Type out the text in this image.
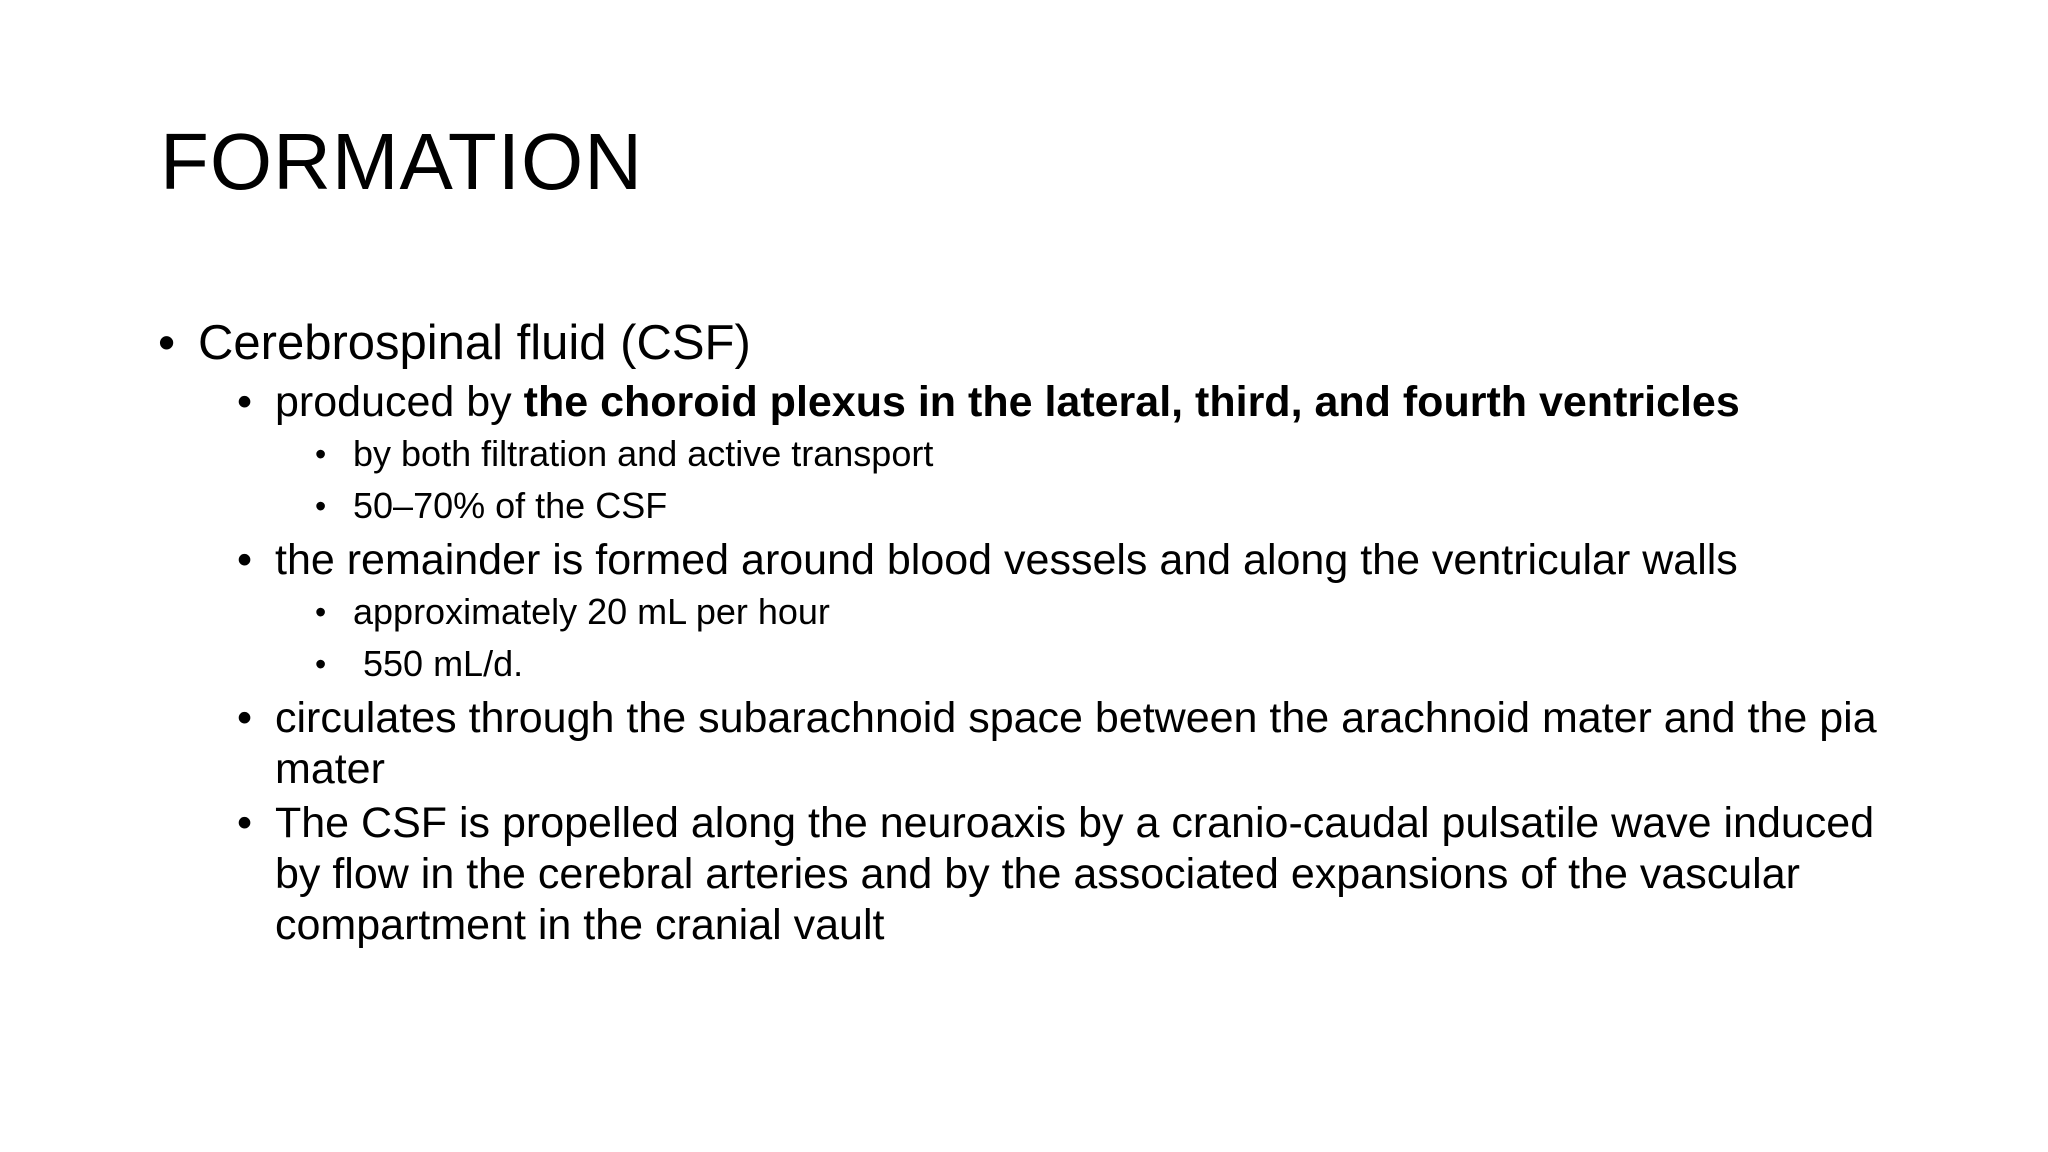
FORMATION

• Cerebrospinal fluid (CSF)

• produced by the choroid plexus in the lateral, third, and fourth ventricles

• by both filtration and active transport

• 50–70% of the CSF

• the remainder is formed around blood vessels and along the ventricular walls

• approximately 20 mL per hour

• 550 mL/d.

• circulates through the subarachnoid space between the arachnoid mater and the pia mater

• The CSF is propelled along the neuroaxis by a cranio-caudal pulsatile wave induced by flow in the cerebral arteries and by the associated expansions of the vascular compartment in the cranial vault
